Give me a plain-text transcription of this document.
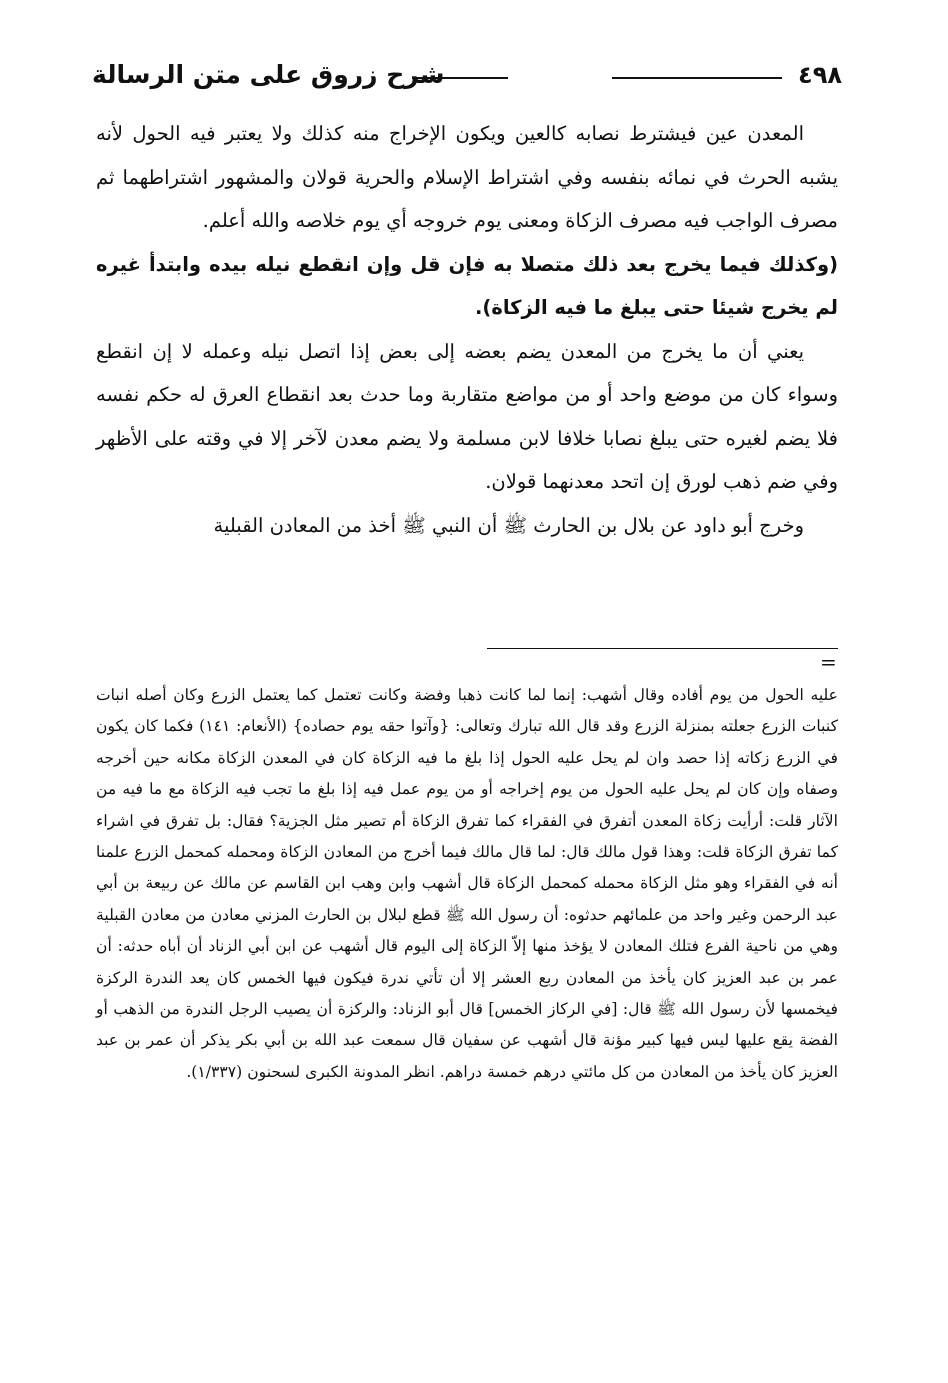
٤٩٨
شرح زروق على متن الرسالة

المعدن عين فيشترط نصابه كالعين ويكون الإخراج منه كذلك ولا يعتبر فيه الحول لأنه يشبه الحرث في نمائه بنفسه وفي اشتراط الإسلام والحرية قولان والمشهور اشتراطهما ثم مصرف الواجب فيه مصرف الزكاة ومعنى يوم خروجه أي يوم خلاصه والله أعلم.

(وكذلك فيما يخرج بعد ذلك متصلا به فإن قل وإن انقطع نيله بيده وابتدأ غيره لم يخرج شيئا حتى يبلغ ما فيه الزكاة).

يعني أن ما يخرج من المعدن يضم بعضه إلى بعض إذا اتصل نيله وعمله لا إن انقطع وسواء كان من موضع واحد أو من مواضع متقاربة وما حدث بعد انقطاع العرق له حكم نفسه فلا يضم لغيره حتى يبلغ نصابا خلافا لابن مسلمة ولا يضم معدن لآخر إلا في وقته على الأظهر وفي ضم ذهب لورق إن اتحد معدنهما قولان.

وخرج أبو داود عن بلال بن الحارث ﷺ أن النبي ﷺ أخذ من المعادن القبلية

=

عليه الحول من يوم أفاده وقال أشهب: إنما لما كانت ذهبا وفضة وكانت تعتمل كما يعتمل الزرع وكان أصله انبات كنبات الزرع جعلته بمنزلة الزرع وقد قال الله تبارك وتعالى: {وآتوا حقه يوم حصاده} (الأنعام: ١٤١) فكما كان يكون في الزرع زكاته إذا حصد وان لم يحل عليه الحول إذا بلغ ما فيه الزكاة كان في المعدن الزكاة مكانه حين أخرجه وصفاه وإن كان لم يحل عليه الحول من يوم إخراجه أو من يوم عمل فيه إذا بلغ ما تجب فيه الزكاة مع ما فيه من الآثار قلت: أرأيت زكاة المعدن أتفرق في الفقراء كما تفرق الزكاة أم تصير مثل الجزية؟ فقال: بل تفرق في اشراء كما تفرق الزكاة قلت: وهذا قول مالك قال: لما قال مالك فيما أخرج من المعادن الزكاة ومحمله كمحمل الزرع علمنا أنه في الفقراء وهو مثل الزكاة محمله كمحمل الزكاة قال أشهب وابن وهب ابن القاسم عن مالك عن ربيعة بن أبي عبد الرحمن وغير واحد من علمائهم حدثوه: أن رسول الله ﷺ قطع لبلال بن الحارث المزني معادن من معادن القبلية وهي من ناحية الفرع فتلك المعادن لا يؤخذ منها إلاّ الزكاة إلى اليوم قال أشهب عن ابن أبي الزناد أن أباه حدثه: أن عمر بن عبد العزيز كان يأخذ من المعادن ربع العشر إلا أن تأتي ندرة فيكون فيها الخمس كان يعد الندرة الركزة فيخمسها لأن رسول الله ﷺ قال: [في الركاز الخمس] قال أبو الزناد: والركزة أن يصيب الرجل الندرة من الذهب أو الفضة يقع عليها ليس فيها كبير مؤنة قال أشهب عن سفيان قال سمعت عبد الله بن أبي بكر يذكر أن عمر بن عبد العزيز كان يأخذ من المعادن من كل مائتي درهم خمسة دراهم. انظر المدونة الكبرى لسحنون (١/٣٣٧).
